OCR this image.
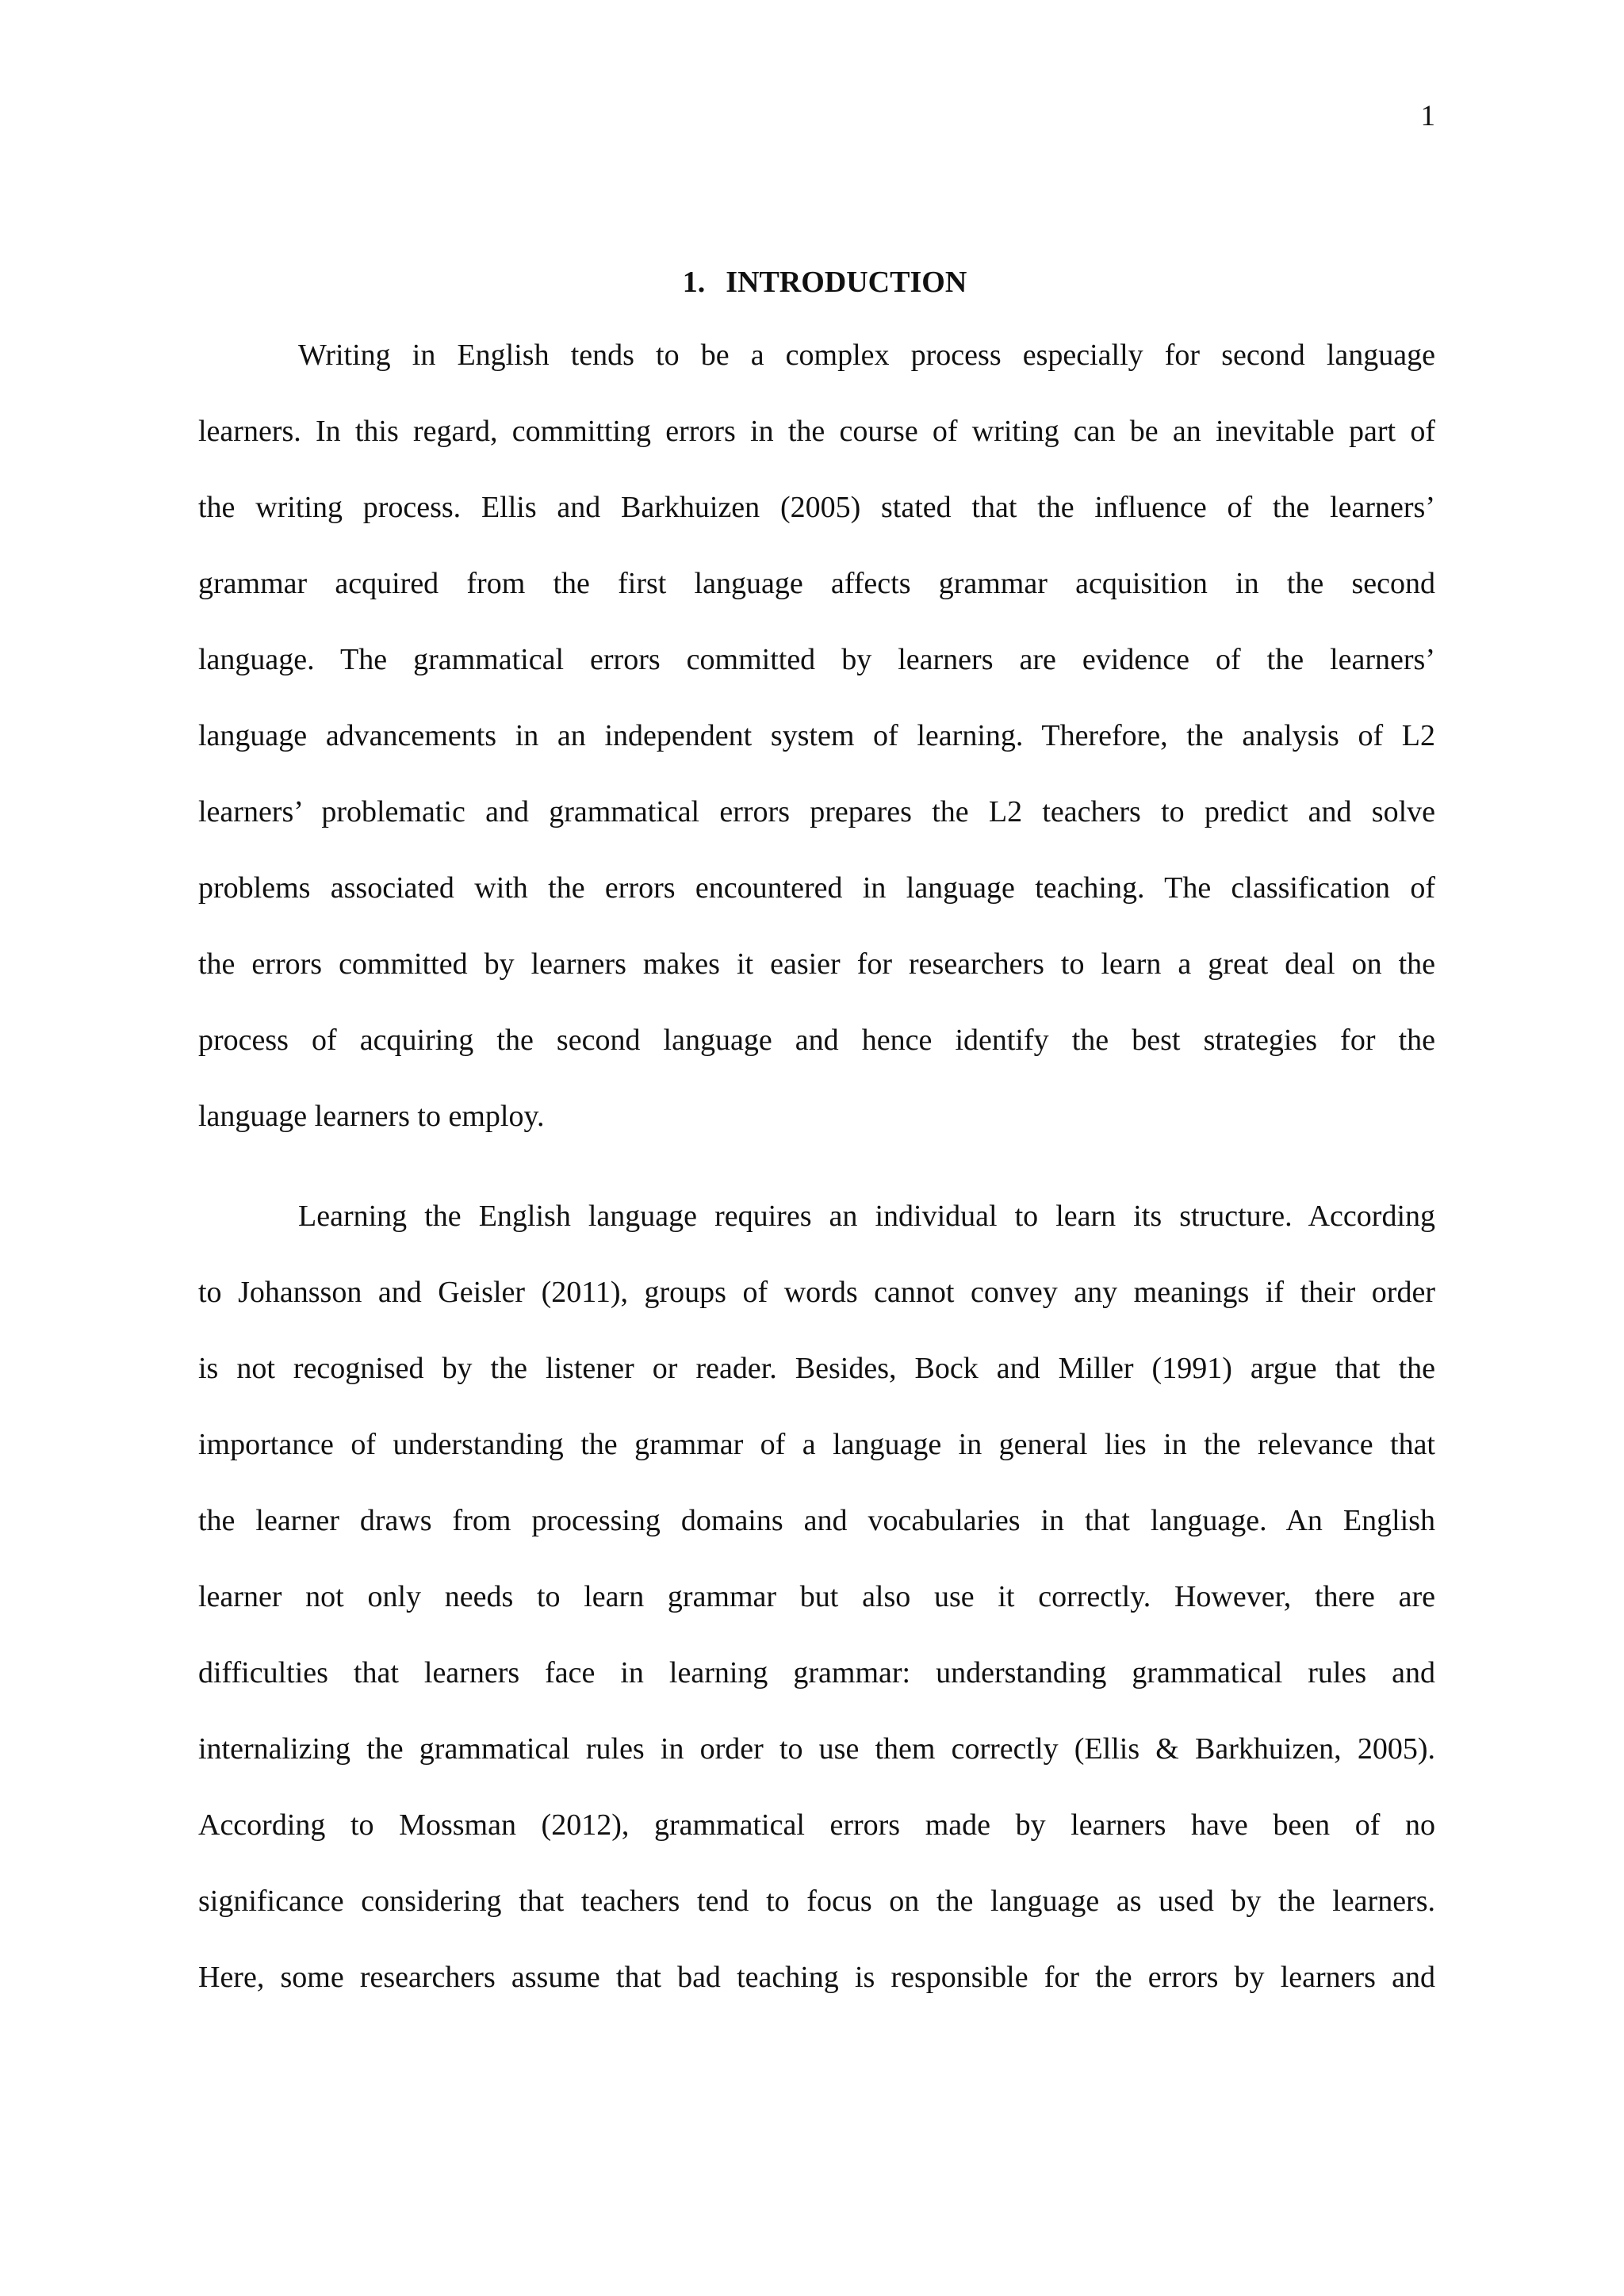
1
1. INTRODUCTION
Writing in English tends to be a complex process especially for second language
learners. In this regard, committing errors in the course of writing can be an inevitable part of
the writing process. Ellis and Barkhuizen (2005) stated that the influence of the learners’
grammar acquired from the first language affects grammar acquisition in the second
language. The grammatical errors committed by learners are evidence of the learners’
language advancements in an independent system of learning. Therefore, the analysis of L2
learners’ problematic and grammatical errors prepares the L2 teachers to predict and solve
problems associated with the errors encountered in language teaching. The classification of
the errors committed by learners makes it easier for researchers to learn a great deal on the
process of acquiring the second language and hence identify the best strategies for the
language learners to employ.
Learning the English language requires an individual to learn its structure. According
to Johansson and Geisler (2011), groups of words cannot convey any meanings if their order
is not recognised by the listener or reader. Besides, Bock and Miller (1991) argue that the
importance of understanding the grammar of a language in general lies in the relevance that
the learner draws from processing domains and vocabularies in that language. An English
learner not only needs to learn grammar but also use it correctly. However, there are
difficulties that learners face in learning grammar: understanding grammatical rules and
internalizing the grammatical rules in order to use them correctly (Ellis & Barkhuizen, 2005).
According to Mossman (2012), grammatical errors made by learners have been of no
significance considering that teachers tend to focus on the language as used by the learners.
Here, some researchers assume that bad teaching is responsible for the errors by learners and
